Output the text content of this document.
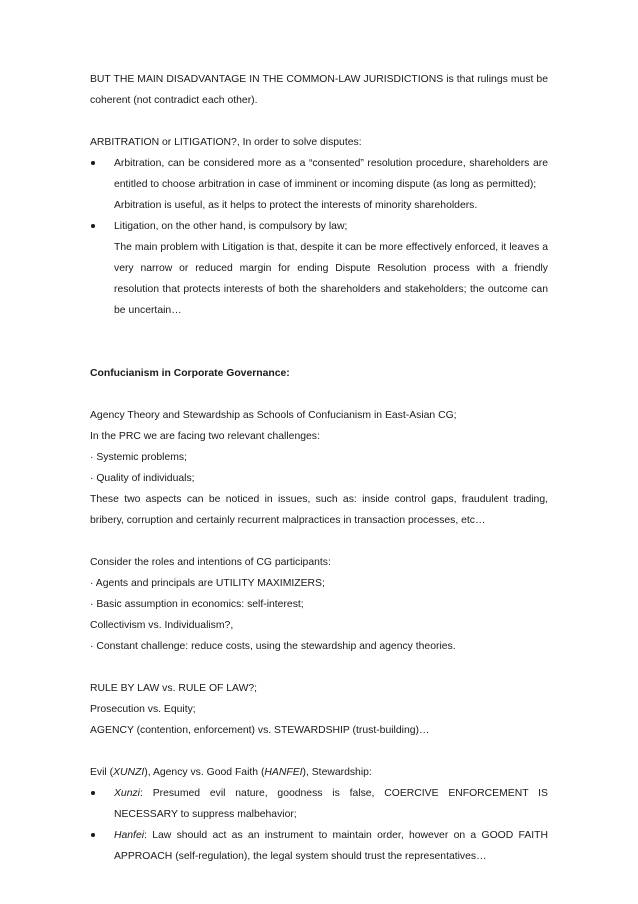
BUT THE MAIN DISADVANTAGE IN THE COMMON-LAW JURISDICTIONS is that rulings must be coherent (not contradict each other).

ARBITRATION or LITIGATION?, In order to solve disputes:

Arbitration, can be considered more as a “consented” resolution procedure, shareholders are entitled to choose arbitration in case of imminent or incoming dispute (as long as permitted);

Arbitration is useful, as it helps to protect the interests of minority shareholders.

Litigation, on the other hand, is compulsory by law;

The main problem with Litigation is that, despite it can be more effectively enforced, it leaves a very narrow or reduced margin for ending Dispute Resolution process with a friendly resolution that protects interests of both the shareholders and stakeholders; the outcome can be uncertain…

Confucianism in Corporate Governance:

Agency Theory and Stewardship as Schools of Confucianism in East-Asian CG;

In the PRC we are facing two relevant challenges:

· Systemic problems;

· Quality of individuals;

These two aspects can be noticed in issues, such as: inside control gaps, fraudulent trading, bribery, corruption and certainly recurrent malpractices in transaction processes, etc…

Consider the roles and intentions of CG participants:

· Agents and principals are UTILITY MAXIMIZERS;

· Basic assumption in economics: self-interest;

Collectivism vs. Individualism?,

· Constant challenge: reduce costs, using the stewardship and agency theories.

RULE BY LAW vs. RULE OF LAW?;

Prosecution vs. Equity;

AGENCY (contention, enforcement) vs. STEWARDSHIP (trust-building)…

Evil (XUNZI), Agency vs. Good Faith (HANFEI), Stewardship:

Xunzi: Presumed evil nature, goodness is false, COERCIVE ENFORCEMENT IS NECESSARY to suppress malbehavior;
Hanfei: Law should act as an instrument to maintain order, however on a GOOD FAITH APPROACH (self-regulation), the legal system should trust the representatives…
